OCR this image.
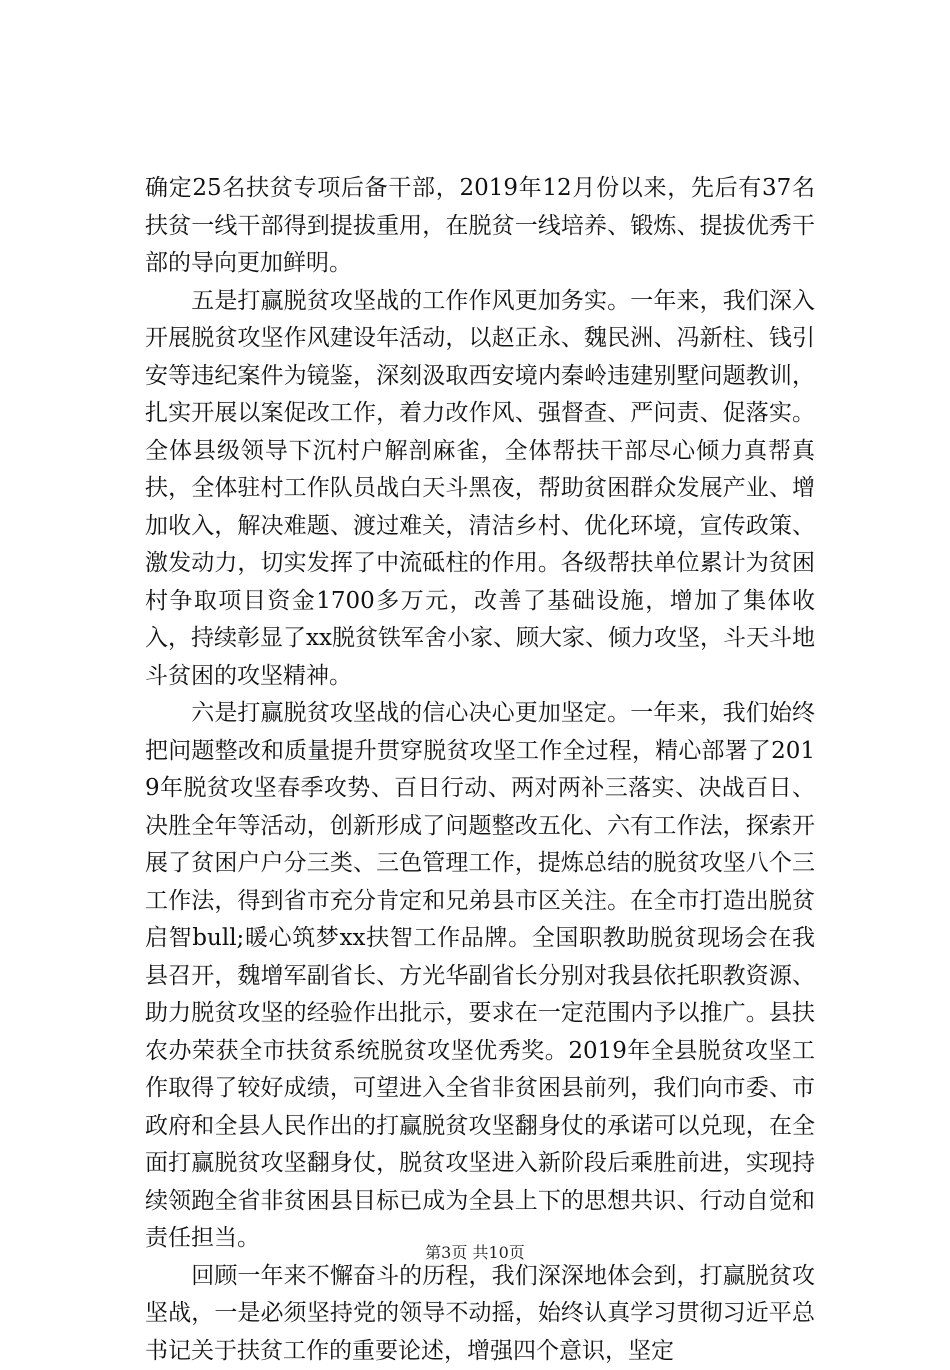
确定25名扶贫专项后备干部，2019年12月份以来，先后有37名扶贫一线干部得到提拔重用，在脱贫一线培养、锻炼、提拔优秀干部的导向更加鲜明。

　　五是打赢脱贫攻坚战的工作作风更加务实。一年来，我们深入开展脱贫攻坚作风建设年活动，以赵正永、魏民洲、冯新柱、钱引安等违纪案件为镜鉴，深刻汲取西安境内秦岭违建别墅问题教训，扎实开展以案促改工作，着力改作风、强督查、严问责、促落实。全体县级领导下沉村户解剖麻雀，全体帮扶干部尽心倾力真帮真扶，全体驻村工作队员战白天斗黑夜，帮助贫困群众发展产业、增加收入，解决难题、渡过难关，清洁乡村、优化环境，宣传政策、激发动力，切实发挥了中流砥柱的作用。各级帮扶单位累计为贫困村争取项目资金1700多万元，改善了基础设施，增加了集体收入，持续彰显了xx脱贫铁军舍小家、顾大家、倾力攻坚，斗天斗地斗贫困的攻坚精神。

　　六是打赢脱贫攻坚战的信心决心更加坚定。一年来，我们始终把问题整改和质量提升贯穿脱贫攻坚工作全过程，精心部署了2019年脱贫攻坚春季攻势、百日行动、两对两补三落实、决战百日、决胜全年等活动，创新形成了问题整改五化、六有工作法，探索开展了贫困户户分三类、三色管理工作，提炼总结的脱贫攻坚八个三工作法，得到省市充分肯定和兄弟县市区关注。在全市打造出脱贫启智bull;暖心筑梦xx扶智工作品牌。全国职教助脱贫现场会在我县召开，魏增军副省长、方光华副省长分别对我县依托职教资源、助力脱贫攻坚的经验作出批示，要求在一定范围内予以推广。县扶农办荣获全市扶贫系统脱贫攻坚优秀奖。2019年全县脱贫攻坚工作取得了较好成绩，可望进入全省非贫困县前列，我们向市委、市政府和全县人民作出的打赢脱贫攻坚翻身仗的承诺可以兑现，在全面打赢脱贫攻坚翻身仗，脱贫攻坚进入新阶段后乘胜前进，实现持续领跑全省非贫困县目标已成为全县上下的思想共识、行动自觉和责任担当。

　　回顾一年来不懈奋斗的历程，我们深深地体会到，打赢脱贫攻坚战，一是必须坚持党的领导不动摇，始终认真学习贯彻习近平总书记关于扶贫工作的重要论述，增强四个意识，坚定

第3页 共10页
